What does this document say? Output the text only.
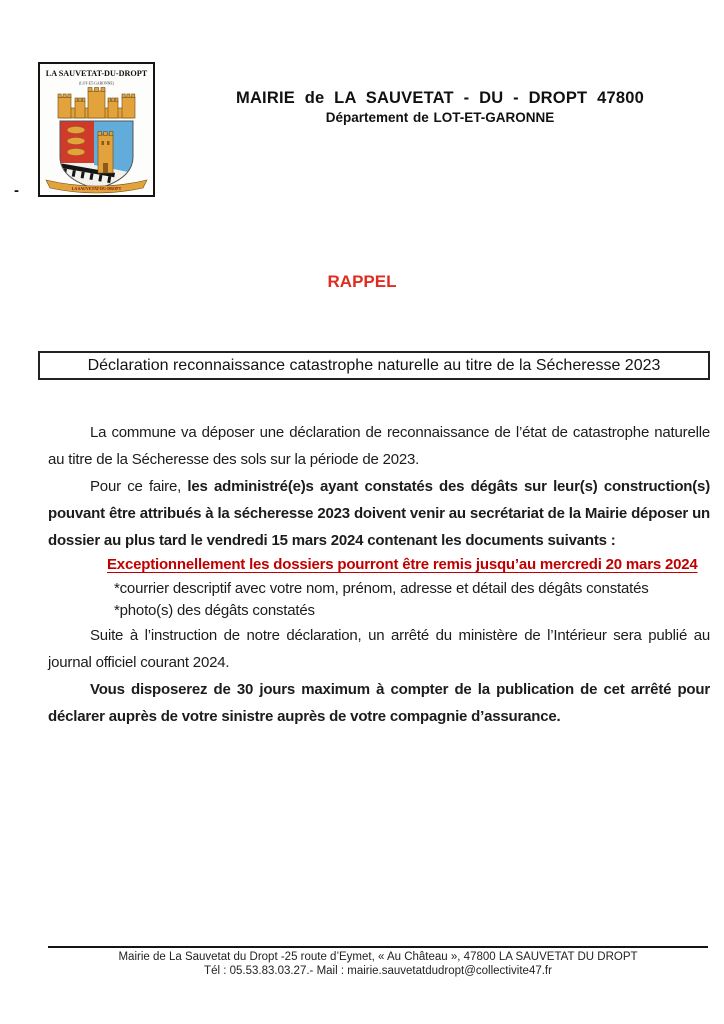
LA SAUVETAT-DU-DROPT
(LOT-ET-GARONNE)
LA SAUVETAT-DU-DROPT
-
MAIRIE de LA SAUVETAT - DU - DROPT 47800
Département de LOT-ET-GARONNE
RAPPEL
Déclaration reconnaissance catastrophe naturelle au titre de la Sécheresse 2023

La commune va déposer une déclaration de reconnaissance de l’état de catastrophe naturelle au titre de la Sécheresse des sols sur la période de 2023.

Pour ce faire, les administré(e)s ayant constatés des dégâts sur leur(s) construction(s) pouvant être attribués à la sécheresse 2023 doivent venir au secrétariat de la Mairie déposer un dossier au plus tard le vendredi 15 mars 2024 contenant les documents suivants :

Exceptionnellement les dossiers pourront être remis jusqu’au mercredi 20 mars 2024
*courrier descriptif avec votre nom, prénom, adresse et détail des dégâts constatés
*photo(s) des dégâts constatés

Suite à l’instruction de notre déclaration, un arrêté du ministère de l’Intérieur sera publié au journal officiel courant 2024.

Vous disposerez de 30 jours maximum à compter de la publication de cet arrêté pour déclarer auprès de votre sinistre auprès de votre compagnie d’assurance.

Mairie de La Sauvetat du Dropt -25 route d’Eymet, « Au Château », 47800 LA SAUVETAT DU DROPT
Tél : 05.53.83.03.27.- Mail : mairie.sauvetatdudropt@collectivite47.fr
